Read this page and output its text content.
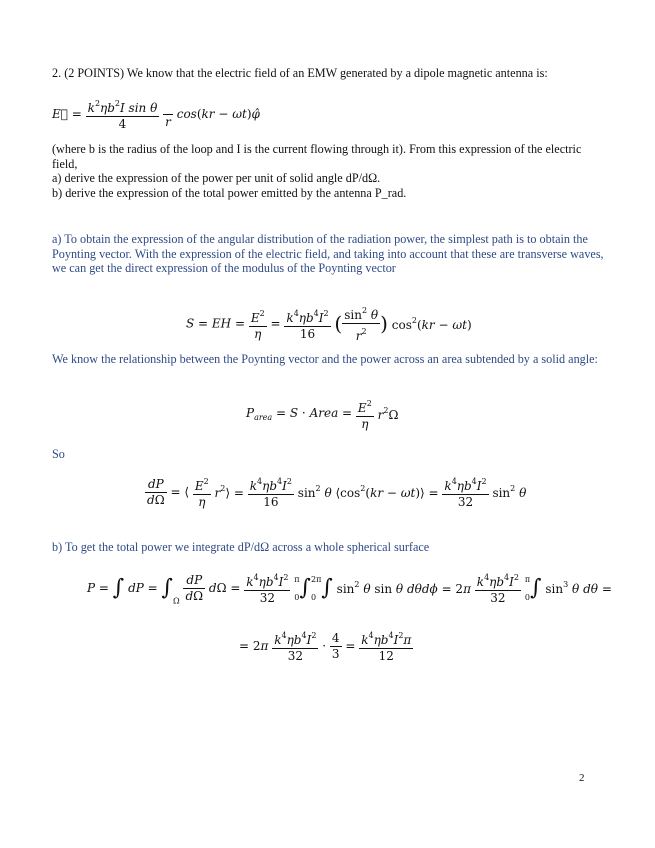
2. (2 POINTS) We know that the electric field of an EMW generated by a dipole magnetic antenna is:
E⃗ = $\frac{k^2\eta b^2I \sin \theta}{4}$

r
cos(kr − ωt)φ̂
(where b is the radius of the loop and I is the current flowing through it). From this expression of the electric field,
a) derive the expression of the power per unit of solid angle dP/dΩ.
b) derive the expression of the total power emitted by the antenna P_rad.
a) To obtain the expression of the angular distribution of the radiation power, the simplest path is to obtain the Poynting vector. With the expression of the electric field, and taking into account that these are transverse waves, we can get the direct expression of the modulus of the Poynting vector
S = EH = $\frac{E^2}{\eta} = \frac{k^4\eta b^4I^2}{16}$ ( $\frac{\sin^2 \theta}{r^2}$ ) $\cos^2(kr - \omega t)$
We know the relationship between the Poynting vector and the power across an area subtended by a solid angle:
$P_{area} = S$ · Area = $\frac{E^2}{\eta} r^2\Omega$
So
$\frac{dP}{d\Omega}$ = ⟨ $\frac{E^2}{\eta}$ $r^2⟩ = \frac{k^4\eta b^4I^2}{16} \sin^2 \theta$ $⟨\cos^2(kr$ − ωt)⟩ = $\frac{k^4\eta b^4I^2}{32} \sin^2 \theta$
b) To get the total power we integrate dP/dΩ across a whole spherical surface
P = ∫ dP = $\int_\Omega \frac{dP}{d\Omega}$ $d\Omega = \frac{k^4\eta b^4I^2}{32}$ π

0∫2π

0 ∫ $\sin^2 \theta$ sin θ $d\theta d\phi = 2\pi \frac{k^4\eta b^4I^2}{32}$ π

0∫ $\sin^3 \theta$ dθ =
= $2\pi \frac{k^4\eta b^4I^2}{32} \cdot \frac{4}{3} = \frac{k^4\eta b^4I^2\pi}{12}$
2
